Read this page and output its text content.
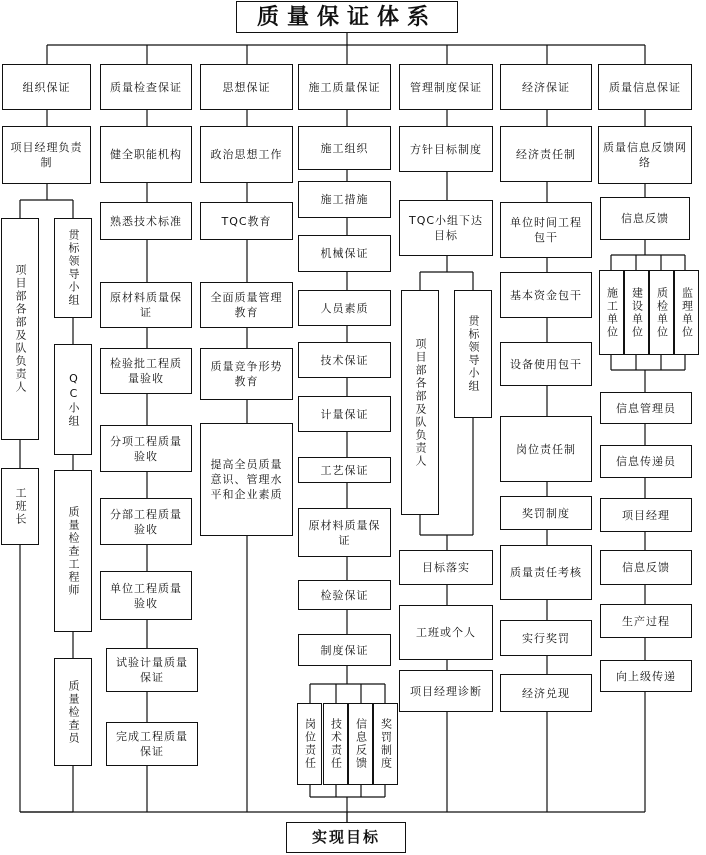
质量保证体系
组织保证	质量检查保证	思想保证	施工质量保证	管理制度保证	经济保证	质量信息保证
项目经理负责制
项目部各部及队负责人
工班长
贯标领导小组
QC小组
质量检查工程师
质量检查员
健全职能机构
熟悉技术标准
原材料质量保证
检验批工程质量验收
分项工程质量验收
分部工程质量验收
单位工程质量验收
试验计量质量保证
完成工程质量保证
政治思想工作
TQC教育
全面质量管理教育
质量竞争形势教育
提高全员质量意识、管理水平和企业素质
施工组织
施工措施
机械保证
人员素质
技术保证
计量保证
工艺保证
原材料质量保证
检验保证
制度保证
岗位责任	技术责任	信息反馈	奖罚制度
方针目标制度
TQC小组下达目标
项目部各部及队负责人	贯标领导小组
目标落实
工班或个人
项目经理诊断
经济责任制
单位时间工程包干
基本资金包干
设备使用包干
岗位责任制
奖罚制度
质量责任考核
实行奖罚
经济兑现
质量信息反馈网络
信息反馈
施工单位	建设单位	质检单位	监理单位
信息管理员
信息传递员
项目经理
信息反馈
生产过程
向上级传递
实现目标
